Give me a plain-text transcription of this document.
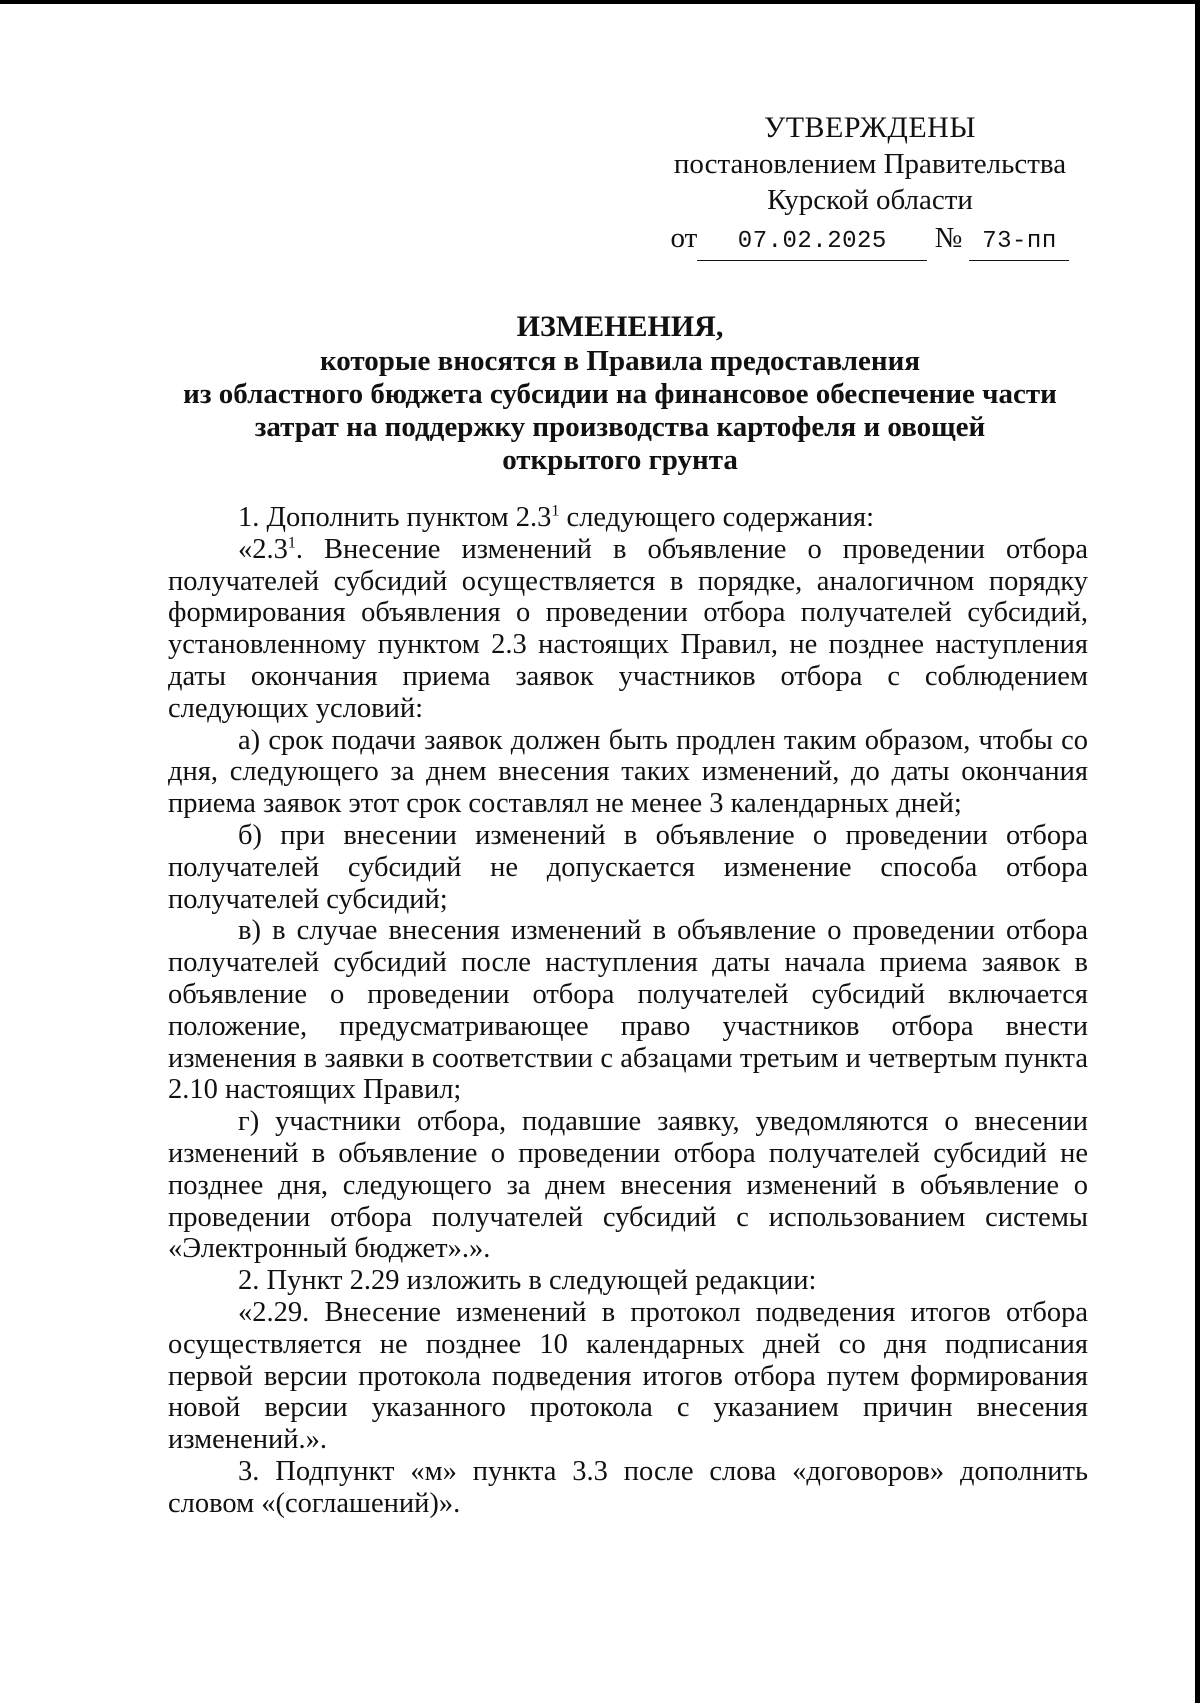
УТВЕРЖДЕНЫ
постановлением Правительства
Курской области
от 07.02.2025 № 73-пп
ИЗМЕНЕНИЯ,
которые вносятся в Правила предоставления
из областного бюджета субсидии на финансовое обеспечение части
затрат на поддержку производства картофеля и овощей
открытого грунта

1. Дополнить пунктом $2.3^1$ следующего содержания:

«$2.3^1$. Внесение изменений в объявление о проведении отбора получателей субсидий осуществляется в порядке, аналогичном порядку формирования объявления о проведении отбора получателей субсидий, установленному пунктом 2.3 настоящих Правил, не позднее наступления даты окончания приема заявок участников отбора с соблюдением следующих условий:

а) срок подачи заявок должен быть продлен таким образом, чтобы со дня, следующего за днем внесения таких изменений, до даты окончания приема заявок этот срок составлял не менее 3 календарных дней;

б) при внесении изменений в объявление о проведении отбора получателей субсидий не допускается изменение способа отбора получателей субсидий;

в) в случае внесения изменений в объявление о проведении отбора получателей субсидий после наступления даты начала приема заявок в объявление о проведении отбора получателей субсидий включается положение, предусматривающее право участников отбора внести изменения в заявки в соответствии с абзацами третьим и четвертым пункта 2.10 настоящих Правил;

г) участники отбора, подавшие заявку, уведомляются о внесении изменений в объявление о проведении отбора получателей субсидий не позднее дня, следующего за днем внесения изменений в объявление о проведении отбора получателей субсидий с использованием системы «Электронный бюджет».».

2. Пункт 2.29 изложить в следующей редакции:

«2.29. Внесение изменений в протокол подведения итогов отбора осуществляется не позднее 10 календарных дней со дня подписания первой версии протокола подведения итогов отбора путем формирования новой версии указанного протокола с указанием причин внесения изменений.».

3. Подпункт «м» пункта 3.3 после слова «договоров» дополнить словом «(соглашений)».
